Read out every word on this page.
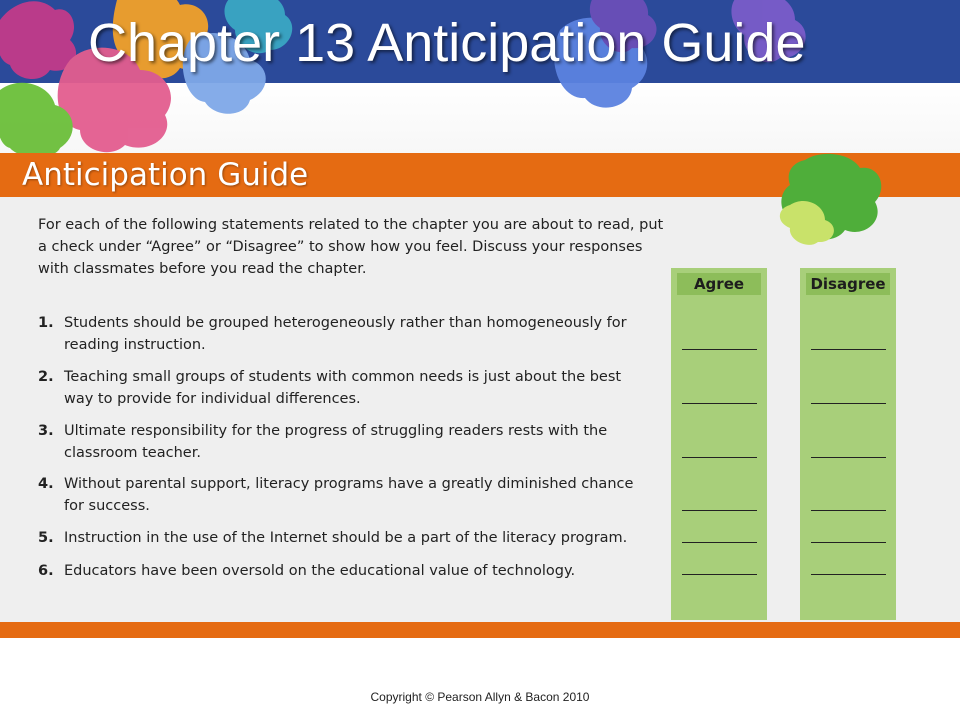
Chapter 13 Anticipation Guide
Anticipation Guide

For each of the following statements related to the chapter you are about to read, put a check under “Agree” or “Disagree” to show how you feel. Discuss your responses with classmates before you read the chapter.

1. Students should be grouped heterogeneously rather than homogeneously for reading instruction.
2. Teaching small groups of students with common needs is just about the best way to provide for individual differences.
3. Ultimate responsibility for the progress of struggling readers rests with the classroom teacher.
4. Without parental support, literacy programs have a greatly diminished chance for success.
5. Instruction in the use of the Internet should be a part of the literacy program.
6. Educators have been oversold on the educational value of technology.
Agree	Disagree
Copyright © Pearson Allyn & Bacon 2010
